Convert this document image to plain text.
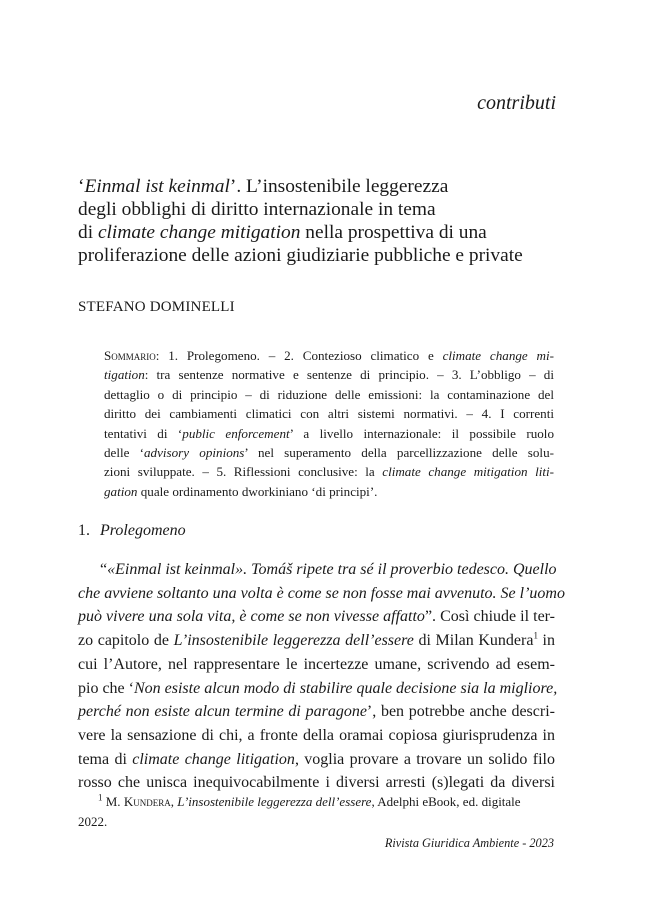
contributi
‘Einmal ist keinmal’. L’insostenibile leggerezza
degli obblighi di diritto internazionale in tema
di climate change mitigation nella prospettiva di una
proliferazione delle azioni giudiziarie pubbliche e private
STEFANO DOMINELLI
Sommario: 1. Prolegomeno. – 2. Contezioso climatico e climate change mi-
tigation: tra sentenze normative e sentenze di principio. – 3. L’obbligo – di
dettaglio o di principio – di riduzione delle emissioni: la contaminazione del
diritto dei cambiamenti climatici con altri sistemi normativi. – 4. I correnti
tentativi di ‘public enforcement’ a livello internazionale: il possibile ruolo
delle ‘advisory opinions’ nel superamento della parcellizzazione delle solu-
zioni sviluppate. – 5. Riflessioni conclusive: la climate change mitigation liti-
gation quale ordinamento dworkiniano ‘di principi’.
1. Prolegomeno
“«Einmal ist keinmal». Tomáš ripete tra sé il proverbio tedesco. Quello
che avviene soltanto una volta è come se non fosse mai avvenuto. Se l’uomo
può vivere una sola vita, è come se non vivesse affatto”. Così chiude il ter-
zo capitolo de L’insostenibile leggerezza dell’essere di Milan Kundera$^1$ in
cui l’Autore, nel rappresentare le incertezze umane, scrivendo ad esem-
pio che ‘Non esiste alcun modo di stabilire quale decisione sia la migliore,
perché non esiste alcun termine di paragone’, ben potrebbe anche descri-
vere la sensazione di chi, a fronte della oramai copiosa giurisprudenza in
tema di climate change litigation, voglia provare a trovare un solido filo
rosso che unisca inequivocabilmente i diversi arresti (s)legati da diversi
$^1$ M. Kundera, L’insostenibile leggerezza dell’essere, Adelphi eBook, ed. digitale
2022.
Rivista Giuridica Ambiente - 2023
